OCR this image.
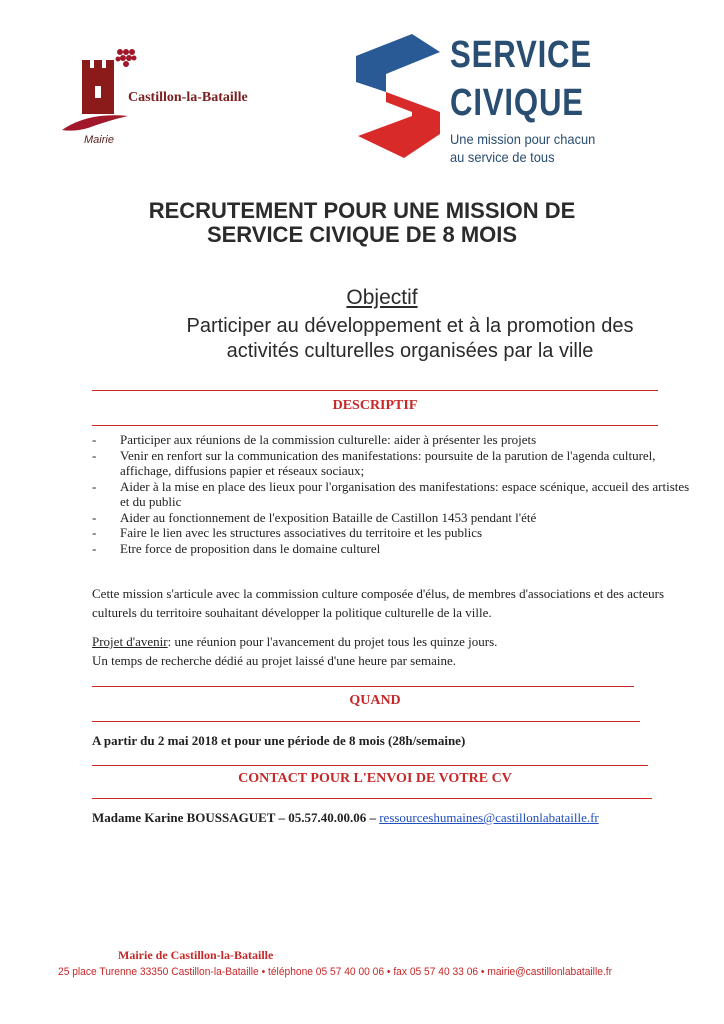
Castillon-la-Bataille
Mairie
SERVICE
CIVIQUE
Une mission pour chacun
au service de tous
RECRUTEMENT POUR UNE MISSION DE
SERVICE CIVIQUE DE 8 MOIS
Objectif
Participer au développement et à la promotion des
activités culturelles organisées par la ville
DESCRIPTIF
- Participer aux réunions de la commission culturelle: aider à présenter les projets
- Venir en renfort sur la communication des manifestations: poursuite de la parution de l'agenda culturel, affichage, diffusions papier et réseaux sociaux;
- Aider à la mise en place des lieux pour l'organisation des manifestations: espace scénique, accueil des artistes et du public
- Aider au fonctionnement de l'exposition Bataille de Castillon 1453 pendant l'été
- Faire le lien avec les structures associatives du territoire et les publics
- Etre force de proposition dans le domaine culturel
Cette mission s'articule avec la commission culture composée d'élus, de membres d'associations et des acteurs culturels du territoire souhaitant développer la politique culturelle de la ville.
Projet d'avenir: une réunion pour l'avancement du projet tous les quinze jours.
Un temps de recherche dédié au projet laissé d'une heure par semaine.
QUAND
A partir du 2 mai 2018 et pour une période de 8 mois (28h/semaine)
CONTACT POUR L'ENVOI DE VOTRE CV
Madame Karine BOUSSAGUET – 05.57.40.00.06 – ressourceshumaines@castillonlabataille.fr
Mairie de Castillon-la-Bataille
25 place Turenne 33350 Castillon-la-Bataille • téléphone 05 57 40 00 06 • fax 05 57 40 33 06 • mairie@castillonlabataille.fr
